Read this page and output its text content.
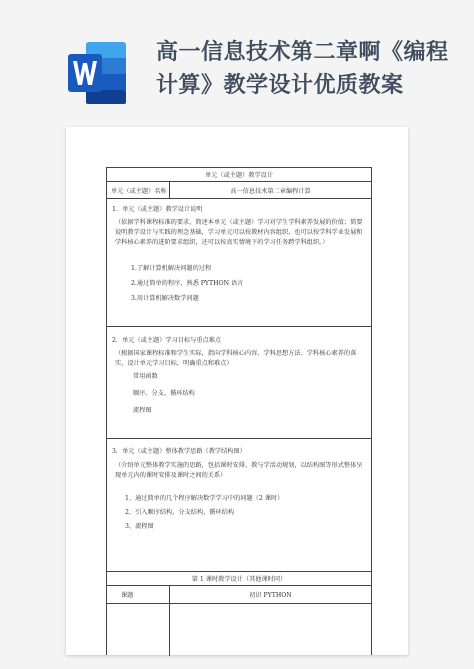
高一信息技术第二章啊《编程
计算》教学设计优质教案
单元（或主题）教学设计
单元（或主题）名称	高一信息技术第二章编程计算
1．单元（或主题）教学设计说明
（依据学科课程标准的要求，简述本单元（或主题）学习对学生学科素养发展的价值；简要说明教学设计与实践的理念基础，学习单元可以按教材内容组织，也可以按学科学业发展和学科核心素养的进阶要求组织，还可以按真实情境下的学习任务跨学科组织。）
1.了解计算机解决问题的过程
2.通过简单的程序，熟悉 PYTHON 语言
3.用计算机解决数学问题
2．单元（或主题）学习目标与重点难点
（根据国家课程标准和学生实际，指向学科核心内容、学科思想方法、学科核心素养的落实，设计单元学习目标，明确重点和难点）
常用函数
顺序、分支、循环结构
流程图
3．单元（或主题）整体教学思路（教学结构图）
（介绍单元整体教学实施的思路，包括课时安排、教与学活动规划，以结构图等形式整体呈现单元内的课时安排及课时之间的关系）
1、通过简单的几个程序解决数学学习中的问题（2 课时）
2、引入顺序结构，分支结构，循环结构
3、流程图
第 1 课时教学设计（其他课时同）
课题	初识 PYTHON
